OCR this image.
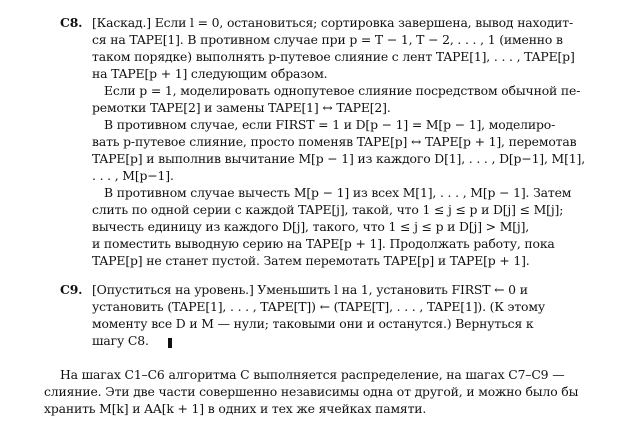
C8. [Каскад.] Если l = 0, остановиться; сортировка завершена, вывод находит-
ся на TAPE[1]. В противном случае при p = T − 1, T − 2, . . . , 1 (именно в
таком порядке) выполнять p-путевое слияние с лент TAPE[1], . . . , TAPE[p]
на TAPE[p + 1] следующим образом.
Если p = 1, моделировать однопутевое слияние посредством обычной пе-
ремотки TAPE[2] и замены TAPE[1] ↔ TAPE[2].
В противном случае, если FIRST = 1 и D[p − 1] = M[p − 1], моделиро-
вать p-путевое слияние, просто поменяв TAPE[p] ↔ TAPE[p + 1], перемотав
TAPE[p] и выполнив вычитание M[p − 1] из каждого D[1], . . . , D[p−1], M[1],
. . . , M[p−1].
В противном случае вычесть M[p − 1] из всех M[1], . . . , M[p − 1]. Затем
слить по одной серии с каждой TAPE[j], такой, что 1 ≤ j ≤ p и D[j] ≤ M[j];
вычесть единицу из каждого D[j], такого, что 1 ≤ j ≤ p и D[j] > M[j],
и поместить выводную серию на TAPE[p + 1]. Продолжать работу, пока
TAPE[p] не станет пустой. Затем перемотать TAPE[p] и TAPE[p + 1].
C9. [Опуститься на уровень.] Уменьшить l на 1, установить FIRST ← 0 и
установить (TAPE[1], . . . , TAPE[T]) ← (TAPE[T], . . . , TAPE[1]). (К этому
моменту все D и M — нули; таковыми они и останутся.) Вернуться к
шагу C8.
На шагах C1–C6 алгоритма C выполняется распределение, на шагах C7–C9 —
слияние. Эти две части совершенно независимы одна от другой, и можно было бы
хранить M[k] и AA[k + 1] в одних и тех же ячейках памяти.
